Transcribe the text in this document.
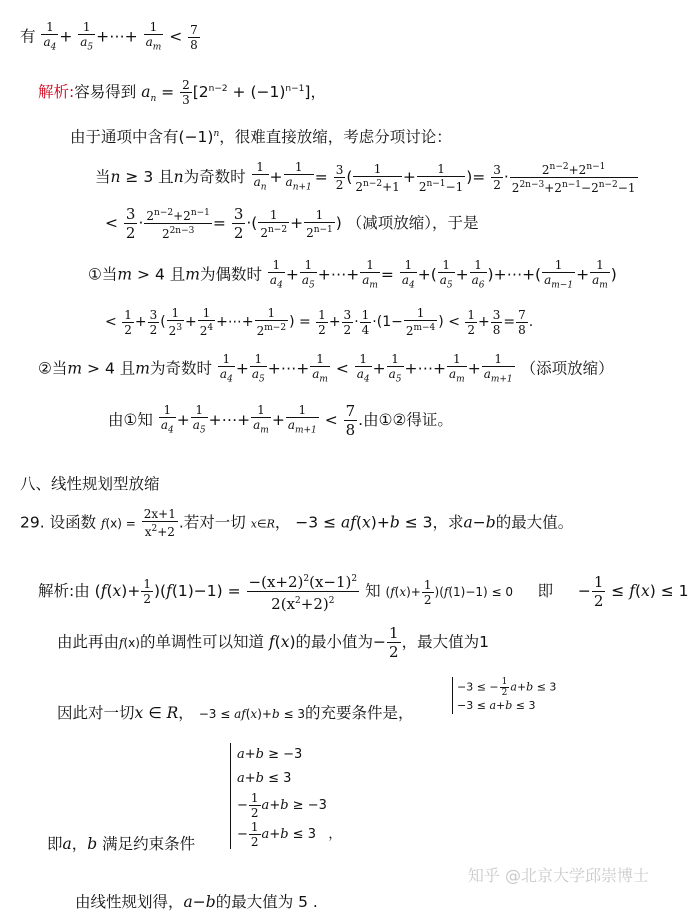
有 $\frac{1}{a_4} + \frac{1}{a_5}$ +⋯+ $\frac{1}{a_m} < \frac{7}{8}$
解析:容易得到 $a_n = \frac{2}{3} [2^{n-2} + (-1)^{n-1}]$，
由于通项中含有$(-1)^n$，很难直接放缩，考虑分项讨论：
当n ≥ 3 且n为奇数时 $\frac{1}{a_n} + \frac{1}{a_{n+1}} = \frac{3}{2}$ ( $\frac{1}{2^{n-2}+1} + \frac{1}{2^{n-1}-1}$ )= $\frac{3}{2} \cdot \frac{2^{n-2}+2^{n-1}}{2^{2n-3}+2^{n-1}-2^{n-2}-1}$
< $\frac{3}{2} \cdot \frac{2^{n-2}+2^{n-1}}{2^{2n-3}} = \frac{3}{2}$ ·( $\frac{1}{2^{n-2}} + \frac{1}{2^{n-1}}$ ) （减项放缩），于是
①当m > 4 且m为偶数时 $\frac{1}{a_4} + \frac{1}{a_5}$ +⋯+ $\frac{1}{a_m} = \frac{1}{a_4}$ +( $\frac{1}{a_5} + \frac{1}{a_6}$ )+⋯+( $\frac{1}{a_{m-1}} + \frac{1}{a_m}$ )
< $\frac{1}{2} + \frac{3}{2}$ ( $\frac{1}{2^3} + \frac{1}{2^4}$ +⋯+ $\frac{1}{2^{m-2}}$ ) = $\frac{1}{2} + \frac{3}{2} \cdot \frac{1}{4} \cdot(1- \frac{1}{2^{m-4}}$ ) < $\frac{1}{2} + \frac{3}{8} = \frac{7}{8}$ .
②当m > 4 且m为奇数时 $\frac{1}{a_4} + \frac{1}{a_5}$ +⋯+ $\frac{1}{a_m} < \frac{1}{a_4} + \frac{1}{a_5}$ +⋯+ $\frac{1}{a_m} + \frac{1}{a_{m+1}}$ （添项放缩）
由①知 $\frac{1}{a_4} + \frac{1}{a_5}$ +⋯+ $\frac{1}{a_m} + \frac{1}{a_{m+1}} < \frac{7}{8}$ .由①②得证。
八、线性规划型放缩
29. 设函数 $f(x) = \frac{2x+1}{x^2+2}$ .若对一切 x∈R， −3 ≤ af(x)+b ≤ 3，求a−b的最大值。
解析:由 $(f(x)+ \frac{1}{2} )(f(1)-1) = \frac{-(x+2)^2(x-1)^2}{2(x^2+2)^2}$ 知 $(f(x)+ \frac{1}{2} )(f(1)-1) \le 0$ 即     − $\frac{1}{2} \le f(x) \le 1$
由此再由f(x)的单调性可以知道 f(x)的最小值为− $\frac{1}{2}$ ，最大值为1
因此对一切x ∈ R， −3 ≤ af(x)+b ≤ 3的充要条件是，
−3 ≤ − $\frac{1}{2} a+b \le 3$
−3 ≤ a+b ≤ 3
a+b ≥ −3
a+b ≤ 3
− $\frac{1}{2} a+b \ge -3$
− $\frac{1}{2} a+b \le 3$   ，
即a，b 满足约束条件
由线性规划得，a−b的最大值为 5 .
知乎 @北京大学邱崇博士
